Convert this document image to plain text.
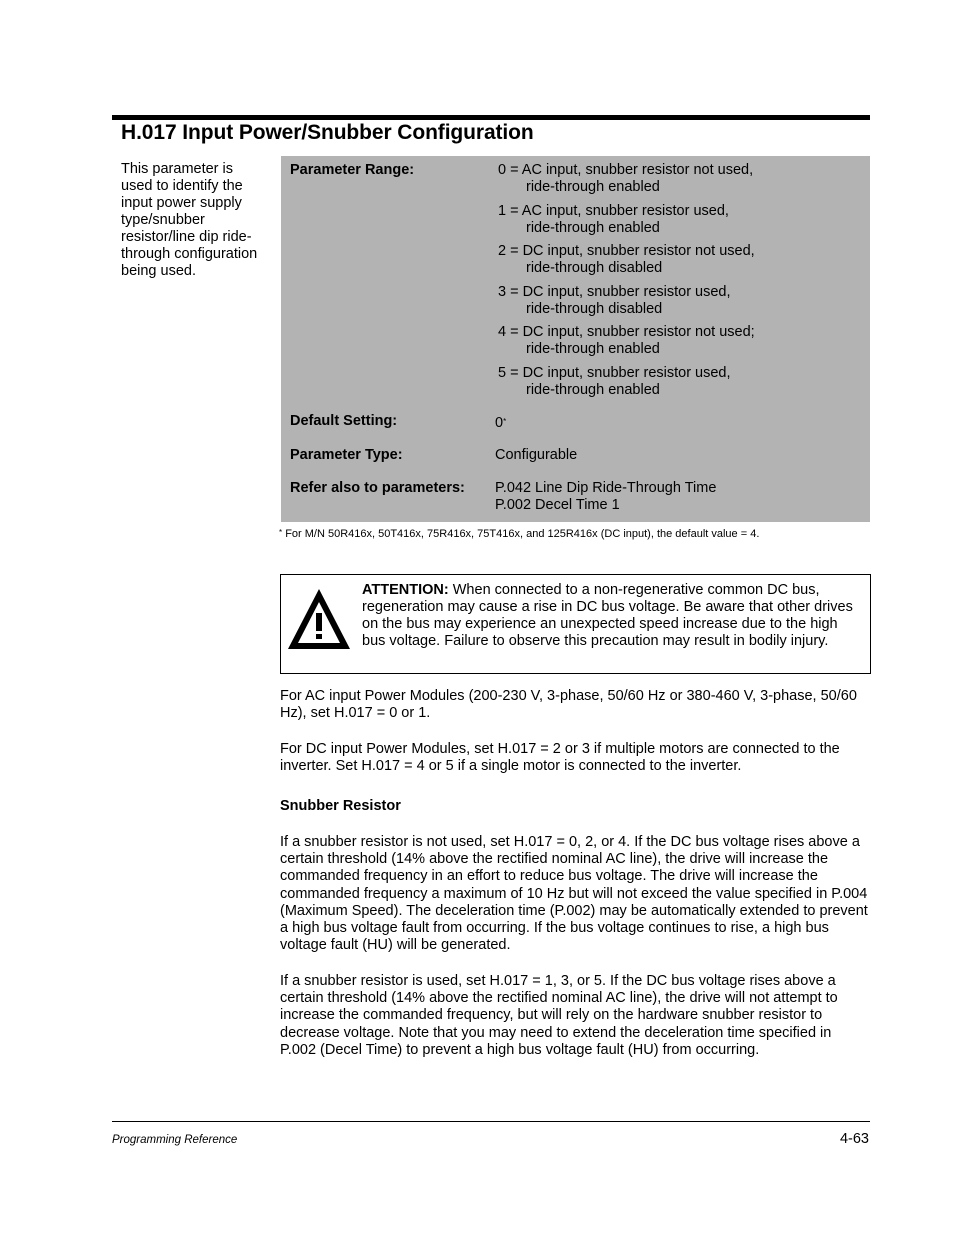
H.017 Input Power/Snubber Configuration

This parameter is used to identify the input power supply type/snubber resistor/line dip ride-through configuration being used.

Parameter Range:	0 = AC input, snubber resistor not used,
ride-through enabled
1 = AC input, snubber resistor used,
ride-through enabled
2 = DC input, snubber resistor not used,
ride-through disabled
3 = DC input, snubber resistor used,
ride-through disabled
4 = DC input, snubber resistor not used;
ride-through enabled
5 = DC input, snubber resistor used,
ride-through enabled
Default Setting:	0*
Parameter Type:	Configurable
Refer also to parameters: P.042 Line Dip Ride-Through Time
P.002 Decel Time 1
* For M/N 50R416x, 50T416x, 75R416x, 75T416x, and 125R416x (DC input), the default value = 4.
ATTENTION: When connected to a non-regenerative common DC bus, regeneration may cause a rise in DC bus voltage. Be aware that other drives on the bus may experience an unexpected speed increase due to the high bus voltage. Failure to observe this precaution may result in bodily injury.

For AC input Power Modules (200-230 V, 3-phase, 50/60 Hz or 380-460 V, 3-phase, 50/60 Hz), set H.017 = 0 or 1.

For DC input Power Modules, set H.017 = 2 or 3 if multiple motors are connected to the inverter. Set H.017 = 4 or 5 if a single motor is connected to the inverter.

Snubber Resistor

If a snubber resistor is not used, set H.017 = 0, 2, or 4. If the DC bus voltage rises above a certain threshold (14% above the rectified nominal AC line), the drive will increase the commanded frequency in an effort to reduce bus voltage. The drive will increase the commanded frequency a maximum of 10 Hz but will not exceed the value specified in P.004 (Maximum Speed). The deceleration time (P.002) may be automatically extended to prevent a high bus voltage fault from occurring. If the bus voltage continues to rise, a high bus voltage fault (HU) will be generated.

If a snubber resistor is used, set H.017 = 1, 3, or 5. If the DC bus voltage rises above a certain threshold (14% above the rectified nominal AC line), the drive will not attempt to increase the commanded frequency, but will rely on the hardware snubber resistor to decrease voltage. Note that you may need to extend the deceleration time specified in P.002 (Decel Time) to prevent a high bus voltage fault (HU) from occurring.

Programming Reference	4-63
